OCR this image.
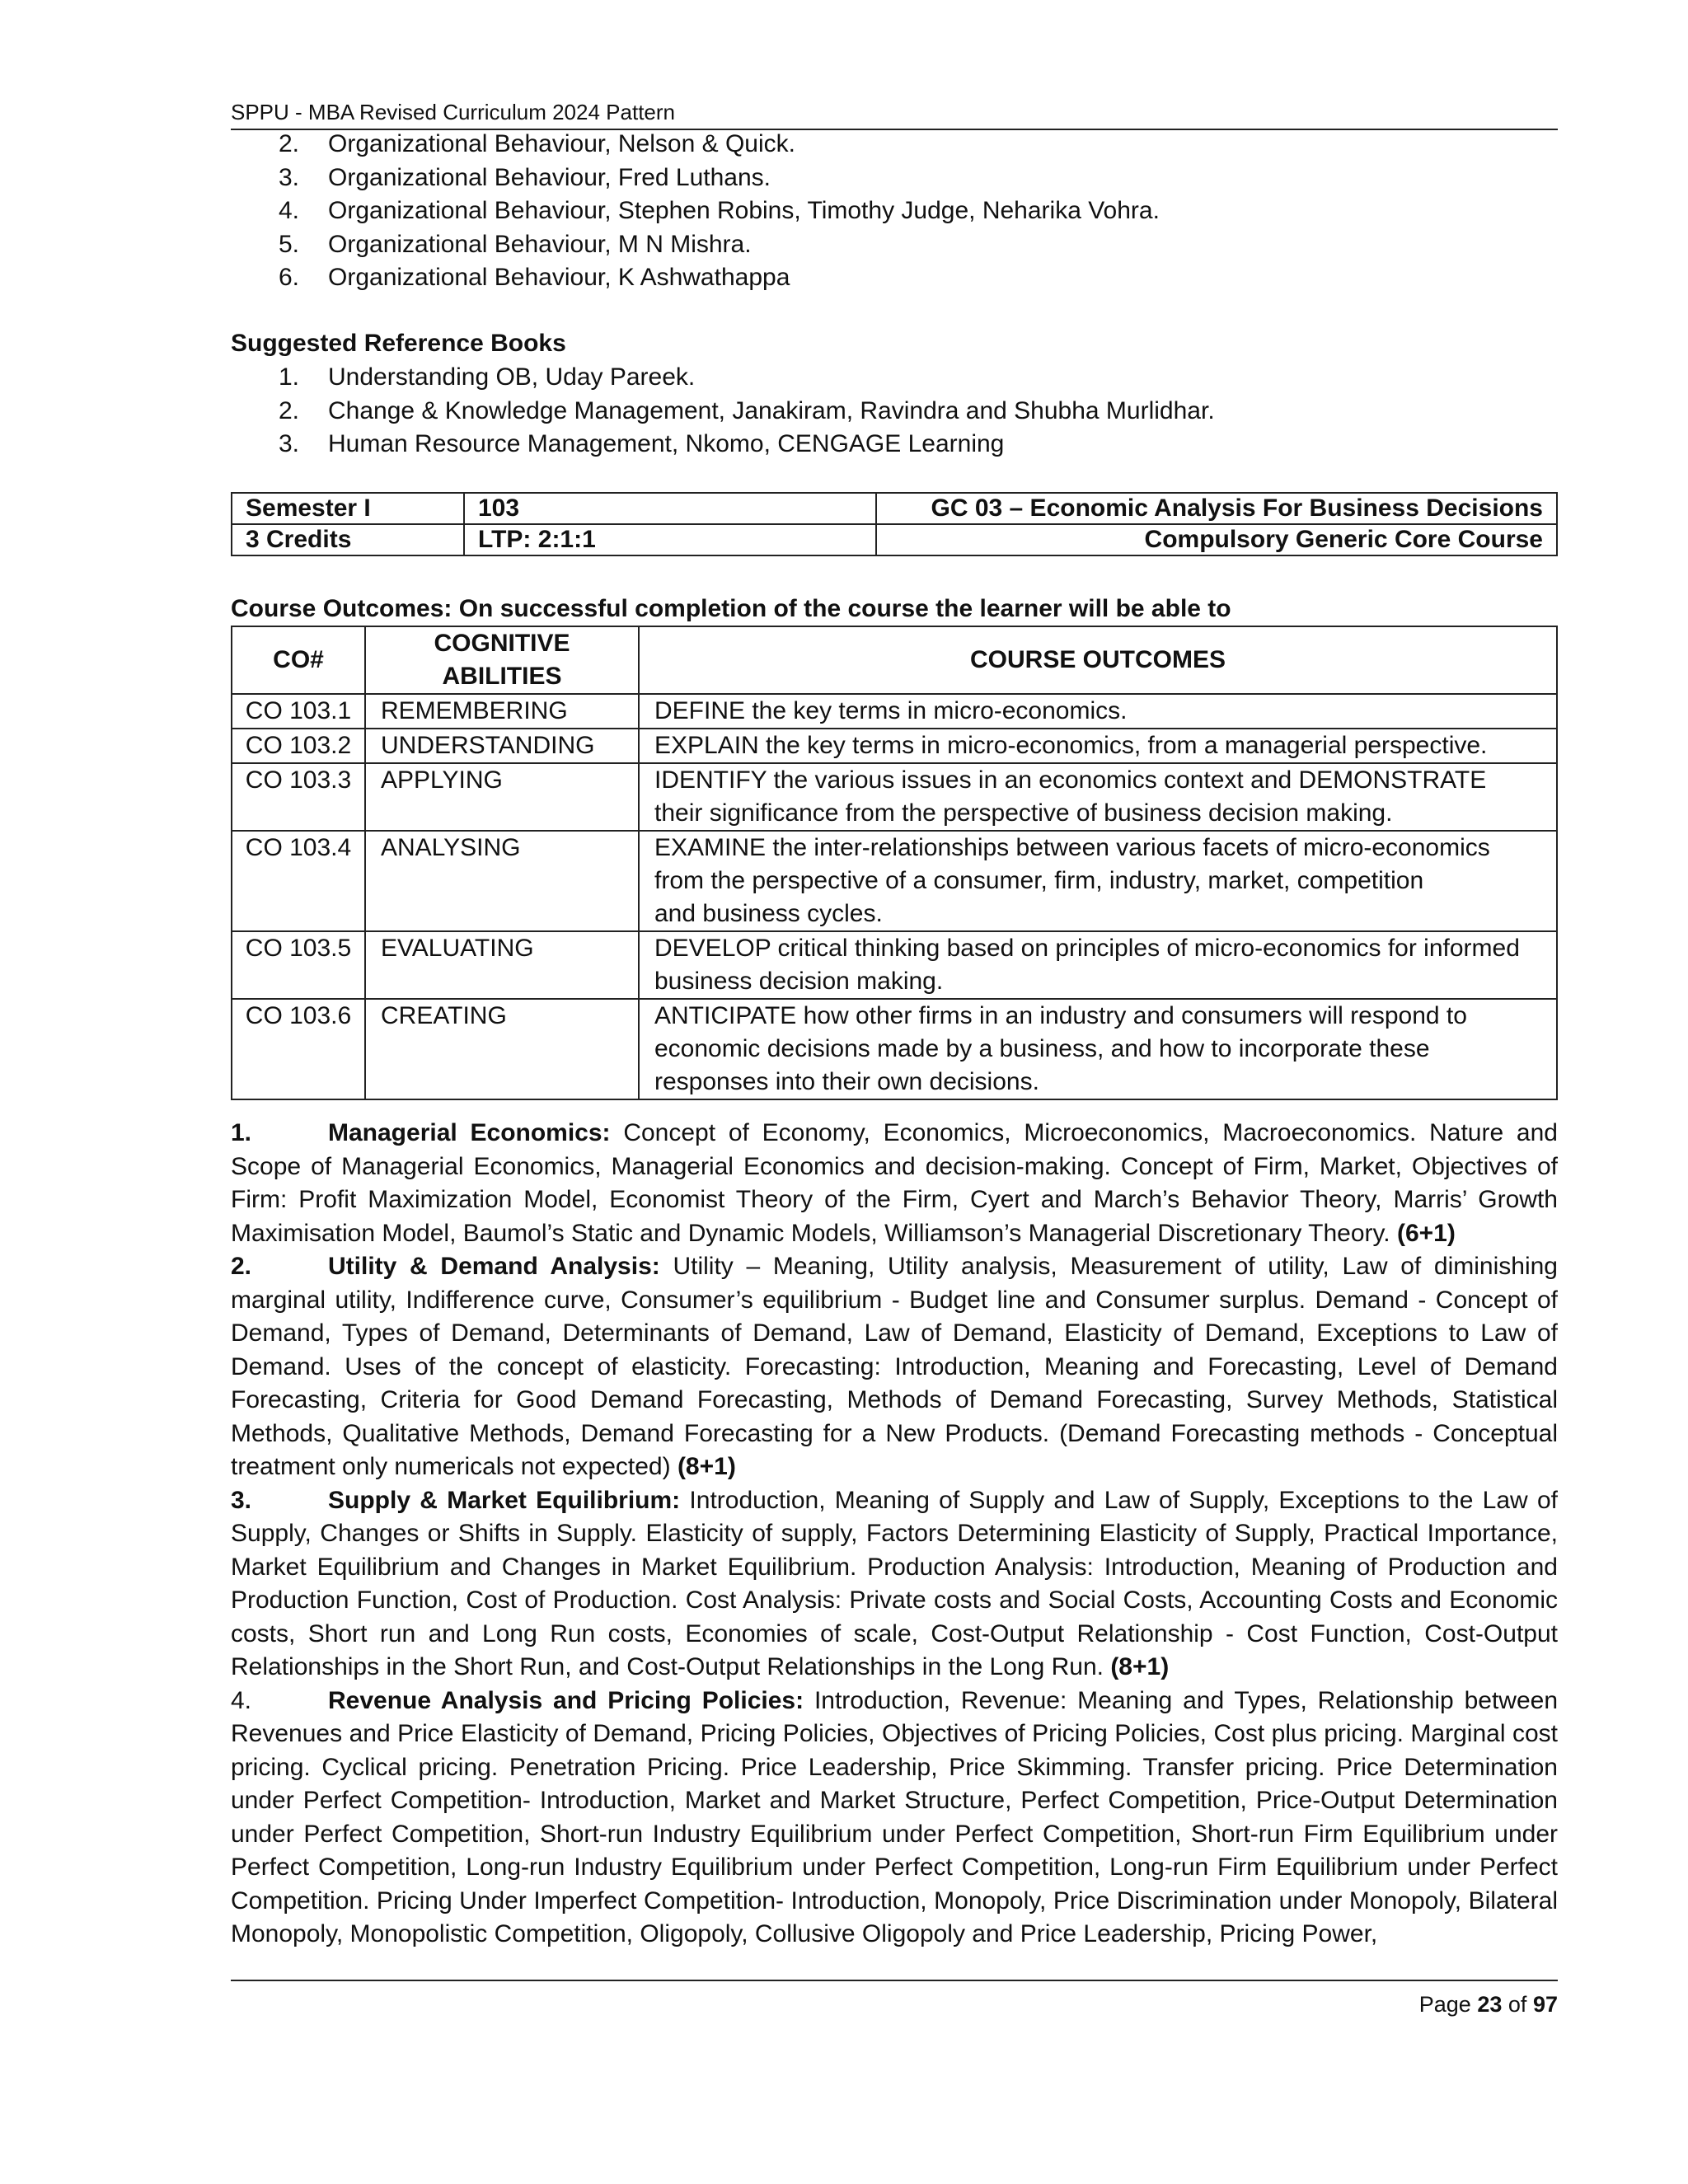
SPPU - MBA Revised Curriculum 2024 Pattern
2. Organizational Behaviour, Nelson & Quick.
3. Organizational Behaviour, Fred Luthans.
4. Organizational Behaviour, Stephen Robins, Timothy Judge, Neharika Vohra.
5. Organizational Behaviour, M N Mishra.
6. Organizational Behaviour, K Ashwathappa
Suggested Reference Books
1. Understanding OB, Uday Pareek.
2. Change & Knowledge Management, Janakiram, Ravindra and Shubha Murlidhar.
3. Human Resource Management, Nkomo, CENGAGE Learning
Semester I	103	GC 03 – Economic Analysis For Business Decisions
3 Credits	LTP: 2:1:1	Compulsory Generic Core Course
Course Outcomes: On successful completion of the course the learner will be able to
CO#	COGNITIVE ABILITIES	COURSE OUTCOMES
CO 103.1	REMEMBERING	DEFINE the key terms in micro-economics.

CO 103.2	UNDERSTANDING	EXPLAIN the key terms in micro-economics, from a managerial perspective.

CO 103.3	APPLYING	IDENTIFY the various issues in an economics context and DEMONSTRATE
their significance from the perspective of business decision making.

CO 103.4	ANALYSING	EXAMINE the inter-relationships between various facets of micro-economics
from the perspective of a consumer, firm, industry, market, competition
and business cycles.

CO 103.5	EVALUATING	DEVELOP critical thinking based on principles of micro-economics for informed
business decision making.

CO 103.6	CREATING	ANTICIPATE how other firms in an industry and consumers will respond to
economic decisions made by a business, and how to incorporate these
responses into their own decisions.

1.	Managerial Economics: Concept of Economy, Economics, Microeconomics, Macroeconomics. Nature and Scope of Managerial Economics, Managerial Economics and decision-making. Concept of Firm, Market, Objectives of Firm: Profit Maximization Model, Economist Theory of the Firm, Cyert and March’s Behavior Theory, Marris’ Growth Maximisation Model, Baumol’s Static and Dynamic Models, Williamson’s Managerial Discretionary Theory. (6+1)

2.	Utility & Demand Analysis: Utility – Meaning, Utility analysis, Measurement of utility, Law of diminishing marginal utility, Indifference curve, Consumer’s equilibrium - Budget line and Consumer surplus. Demand - Concept of Demand, Types of Demand, Determinants of Demand, Law of Demand, Elasticity of Demand, Exceptions to Law of Demand. Uses of the concept of elasticity. Forecasting: Introduction, Meaning and Forecasting, Level of Demand Forecasting, Criteria for Good Demand Forecasting, Methods of Demand Forecasting, Survey Methods, Statistical Methods, Qualitative Methods, Demand Forecasting for a New Products. (Demand Forecasting methods - Conceptual treatment only numericals not expected) (8+1)

3.	Supply & Market Equilibrium: Introduction, Meaning of Supply and Law of Supply, Exceptions to the Law of Supply, Changes or Shifts in Supply. Elasticity of supply, Factors Determining Elasticity of Supply, Practical Importance, Market Equilibrium and Changes in Market Equilibrium. Production Analysis: Introduction, Meaning of Production and Production Function, Cost of Production. Cost Analysis: Private costs and Social Costs, Accounting Costs and Economic costs, Short run and Long Run costs, Economies of scale, Cost-Output Relationship - Cost Function, Cost-Output Relationships in the Short Run, and Cost-Output Relationships in the Long Run. (8+1)

4.	Revenue Analysis and Pricing Policies: Introduction, Revenue: Meaning and Types, Relationship between Revenues and Price Elasticity of Demand, Pricing Policies, Objectives of Pricing Policies, Cost plus pricing. Marginal cost pricing. Cyclical pricing. Penetration Pricing. Price Leadership, Price Skimming. Transfer pricing. Price Determination under Perfect Competition- Introduction, Market and Market Structure, Perfect Competition, Price-Output Determination under Perfect Competition, Short-run Industry Equilibrium under Perfect Competition, Short-run Firm Equilibrium under Perfect Competition, Long-run Industry Equilibrium under Perfect Competition, Long-run Firm Equilibrium under Perfect Competition. Pricing Under Imperfect Competition- Introduction, Monopoly, Price Discrimination under Monopoly, Bilateral Monopoly, Monopolistic Competition, Oligopoly, Collusive Oligopoly and Price Leadership, Pricing Power,

Page 23 of 97
